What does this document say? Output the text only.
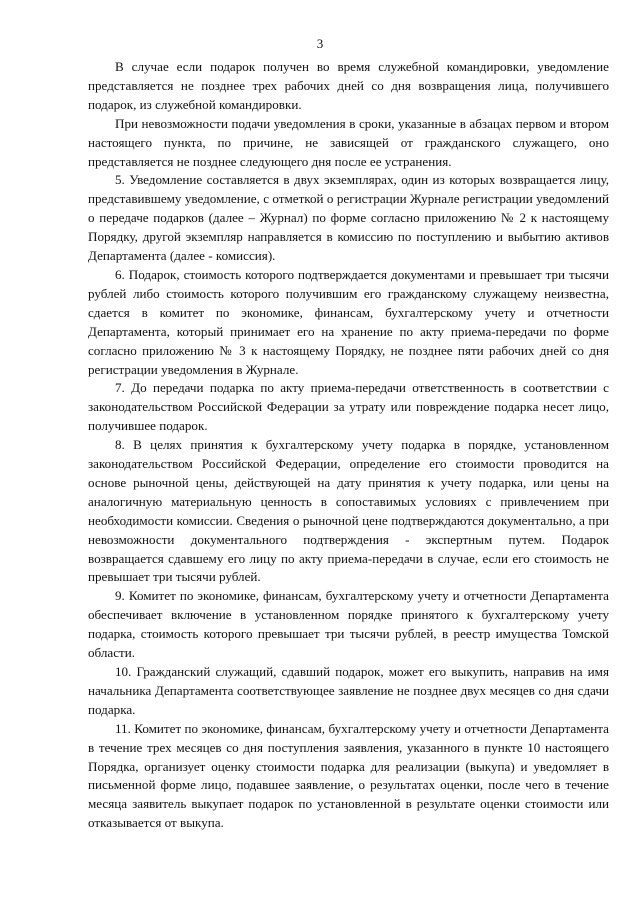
3

В случае если подарок получен во время служебной командировки, уведомление представляется не позднее трех рабочих дней со дня возвращения лица, получившего подарок, из служебной командировки.

При невозможности подачи уведомления в сроки, указанные в абзацах первом и втором настоящего пункта, по причине, не зависящей от гражданского служащего, оно представляется не позднее следующего дня после ее устранения.

5. Уведомление составляется в двух экземплярах, один из которых возвращается лицу, представившему уведомление, с отметкой о регистрации Журнале регистрации уведомлений о передаче подарков (далее – Журнал) по форме согласно приложению № 2 к настоящему Порядку, другой экземпляр направляется в комиссию по поступлению и выбытию активов Департамента (далее - комиссия).

6. Подарок, стоимость которого подтверждается документами и превышает три тысячи рублей либо стоимость которого получившим его гражданскому служащему неизвестна, сдается в комитет по экономике, финансам, бухгалтерскому учету и отчетности Департамента, который принимает его на хранение по акту приема-передачи по форме согласно приложению № 3 к настоящему Порядку, не позднее пяти рабочих дней со дня регистрации уведомления в Журнале.

7. До передачи подарка по акту приема-передачи ответственность в соответствии с законодательством Российской Федерации за утрату или повреждение подарка несет лицо, получившее подарок.

8. В целях принятия к бухгалтерскому учету подарка в порядке, установленном законодательством Российской Федерации, определение его стоимости проводится на основе рыночной цены, действующей на дату принятия к учету подарка, или цены на аналогичную материальную ценность в сопоставимых условиях с привлечением при необходимости комиссии. Сведения о рыночной цене подтверждаются документально, а при невозможности документального подтверждения - экспертным путем. Подарок возвращается сдавшему его лицу по акту приема-передачи в случае, если его стоимость не превышает три тысячи рублей.

9. Комитет по экономике, финансам, бухгалтерскому учету и отчетности Департамента обеспечивает включение в установленном порядке принятого к бухгалтерскому учету подарка, стоимость которого превышает три тысячи рублей, в реестр имущества Томской области.

10. Гражданский служащий, сдавший подарок, может его выкупить, направив на имя начальника Департамента соответствующее заявление не позднее двух месяцев со дня сдачи подарка.

11. Комитет по экономике, финансам, бухгалтерскому учету и отчетности Департамента в течение трех месяцев со дня поступления заявления, указанного в пункте 10 настоящего Порядка, организует оценку стоимости подарка для реализации (выкупа) и уведомляет в письменной форме лицо, подавшее заявление, о результатах оценки, после чего в течение месяца заявитель выкупает подарок по установленной в результате оценки стоимости или отказывается от выкупа.
